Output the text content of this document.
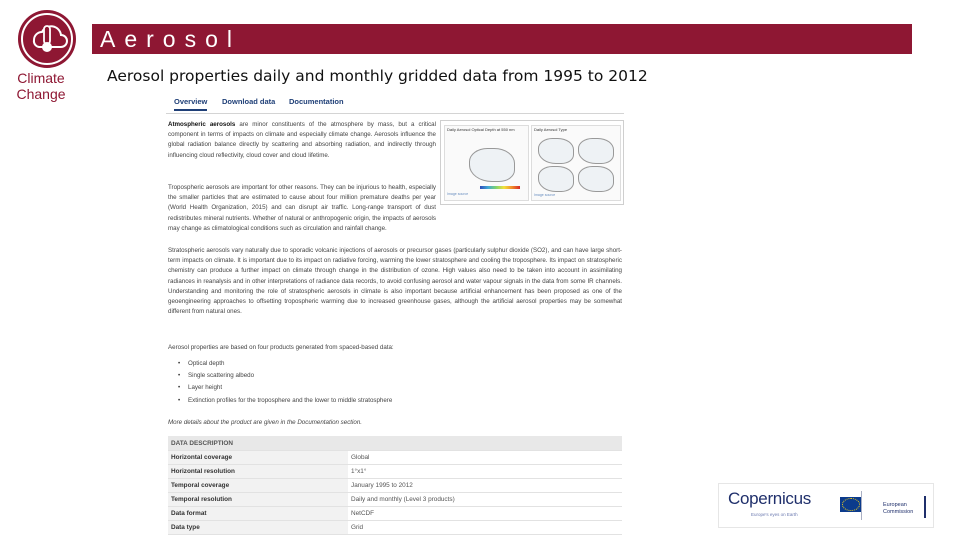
Climate Change
Aerosol
Aerosol properties daily and monthly gridded data from 1995 to 2012
Overview Download data Documentation
Atmospheric aerosols are minor constituents of the atmosphere by mass, but a critical component in terms of impacts on climate and especially climate change. Aerosols influence the global radiation balance directly by scattering and absorbing radiation, and indirectly through influencing cloud reflectivity, cloud cover and cloud lifetime.
Tropospheric aerosols are important for other reasons. They can be injurious to health, especially the smaller particles that are estimated to cause about four million premature deaths per year (World Health Organization, 2015) and can disrupt air traffic. Long-range transport of dust redistributes mineral nutrients. Whether of natural or anthropogenic origin, the impacts of aerosols may change as climatological conditions such as circulation and rainfall change.
Daily Aerosol Optical Depth at 550 nm
Image source
Daily Aerosol Type
Image source
Stratospheric aerosols vary naturally due to sporadic volcanic injections of aerosols or precursor gases (particularly sulphur dioxide (SO2), and can have large short-term impacts on climate. It is important due to its impact on radiative forcing, warming the lower stratosphere and cooling the troposphere. Its impact on stratospheric chemistry can produce a further impact on climate through change in the distribution of ozone. High values also need to be taken into account in assimilating radiances in reanalysis and in other interpretations of radiance data records, to avoid confusing aerosol and water vapour signals in the data from some IR channels. Understanding and monitoring the role of stratospheric aerosols in climate is also important because artificial enhancement has been proposed as one of the geoengineering approaches to offsetting tropospheric warming due to increased greenhouse gases, although the artificial aerosol properties may be somewhat different from natural ones.
Aerosol properties are based on four products generated from spaced-based data:
• Optical depth
• Single scattering albedo
• Layer height
• Extinction profiles for the troposphere and the lower to middle stratosphere
More details about the product are given in the Documentation section.
DATA DESCRIPTION	
Horizontal coverage	Global
Horizontal resolution	1°x1°
Temporal coverage	January 1995 to 2012
Temporal resolution	Daily and monthly (Level 3 products)
Data format	NetCDF
Data type	Grid
Copernicus
Europe's eyes on Earth
European Commission
